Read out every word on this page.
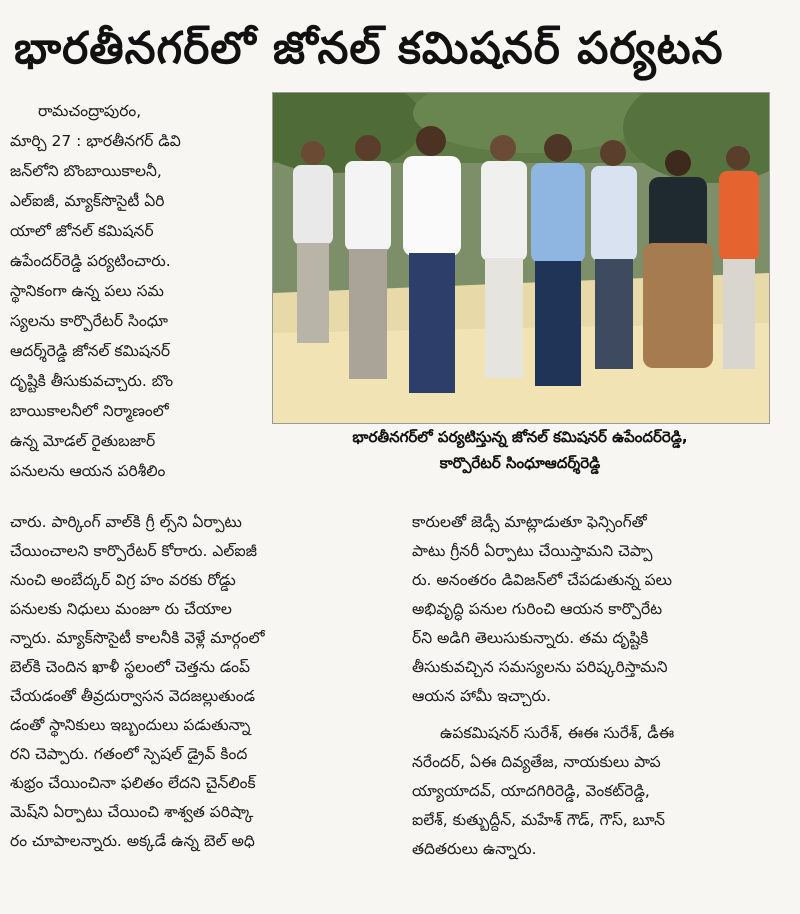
భారతీనగర్‌లో జోనల్ కమిషనర్ పర్యటన
భారతీనగర్‌లో పర్యటిస్తున్న జోనల్ కమిషనర్ ఉపేందర్‌రెడ్డి,
కార్పొరేటర్ సింధూఆదర్శ్‌రెడ్డి
రామచంద్రాపురం,
మార్చి 27 : భారతీనగర్ డివి
జన్‌లోని బొంబాయికాలనీ,
ఎల్ఐజీ, మ్యాక్‌సొసైటీ ఏరి
యాలో జోనల్ కమిషనర్
ఉపేందర్‌రెడ్డి పర్యటించారు.
స్థానికంగా ఉన్న పలు సమ
స్యలను కార్పొరేటర్ సింధూ
ఆదర్శ్‌రెడ్డి జోనల్ కమిషనర్
దృష్టికి తీసుకువచ్చారు. బొం
బాయికాలనీలో నిర్మాణంలో
ఉన్న మోడల్ రైతుబజార్
పనులను ఆయన పరిశీలిం
చారు. పార్కింగ్ వాల్‌కి గ్రీ ల్స్‌ని ఏర్పాటు
చేయించాలని కార్పొరేటర్ కోరారు. ఎల్ఐజీ
నుంచి అంబేద్కర్ విగ్ర హం వరకు రోడ్డు
పనులకు నిధులు మంజూ రు చేయాల
న్నారు. మ్యాక్‌సొసైటీ కాలనీకి వెళ్లే మార్గంలో
బెల్‌కి చెందిన ఖాళీ స్థలంలో చెత్తను డంప్
చేయడంతో తీవ్రదుర్వాసన వెదజల్లుతుండ
డంతో స్థానికులు ఇబ్బందులు పడుతున్నా
రని చెప్పారు. గతంలో స్పెషల్ డ్రైవ్ కింద
శుభ్రం చేయించినా ఫలితం లేదని చైన్‌లింక్
మెష్‌ని ఏర్పాటు చేయించి శాశ్వత పరిష్కా
రం చూపాలన్నారు. అక్కడే ఉన్న బెల్ అధి
కారులతో జెడ్సీ మాట్లాడుతూ ఫెన్సింగ్‌తో
పాటు గ్రీనరీ ఏర్పాటు చేయిస్తామని చెప్పా
రు. అనంతరం డివిజన్‌లో చేపడుతున్న పలు
అభివృద్ధి పనుల గురించి ఆయన కార్పొరేట
ర్‌ని అడిగి తెలుసుకున్నారు. తమ దృష్టికి
తీసుకువచ్చిన సమస్యలను పరిష్కరిస్తామని
ఆయన హామీ ఇచ్చారు.
ఉపకమిషనర్ సురేశ్, ఈఈ సురేశ్, డీఈ
నరేందర్, ఏఈ దివ్యతేజ, నాయకులు పాప
య్యాయాదవ్, యాదగిరిరెడ్డి, వెంకట్‌రెడ్డి,
ఐలేశ్, కుత్బుద్దీన్, మహేశ్ గౌడ్, గౌస్, బూన్
తదితరులు ఉన్నారు.
